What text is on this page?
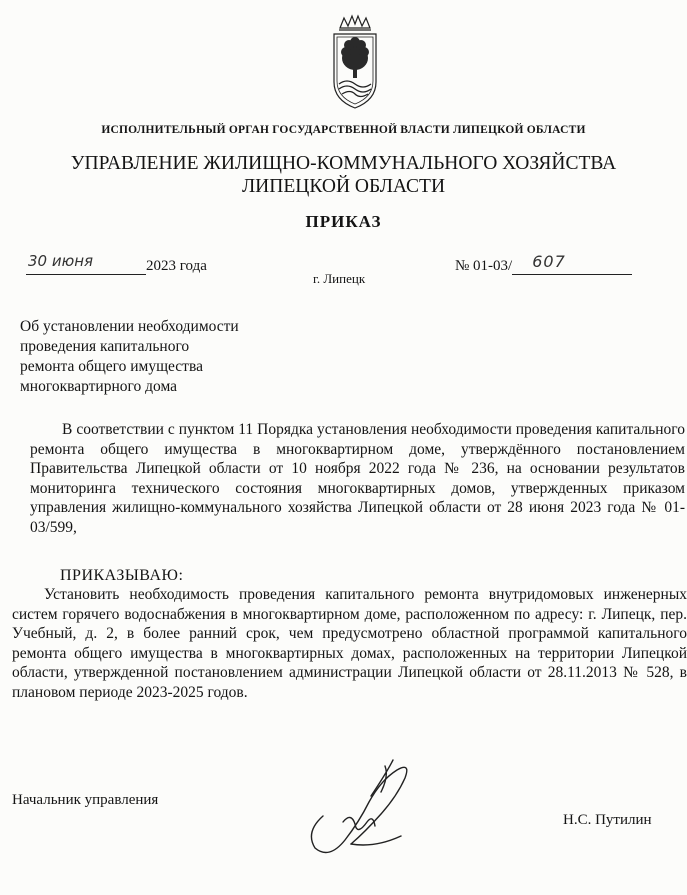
ИСПОЛНИТЕЛЬНЫЙ ОРГАН ГОСУДАРСТВЕННОЙ ВЛАСТИ ЛИПЕЦКОЙ ОБЛАСТИ
УПРАВЛЕНИЕ ЖИЛИЩНО-КОММУНАЛЬНОГО ХОЗЯЙСТВА
ЛИПЕЦКОЙ ОБЛАСТИ
ПРИКАЗ
30 июня	2023 года
г. Липецк
№ 01-03/ 607
Об установлении необходимости
проведения капитального
ремонта общего имущества
многоквартирного дома
В соответствии с пунктом 11 Порядка установления необходимости проведения капитального ремонта общего имущества в многоквартирном доме, утверждённого постановлением Правительства Липецкой области от 10 ноября 2022 года № 236, на основании результатов мониторинга технического состояния многоквартирных домов, утвержденных приказом управления жилищно-коммунального хозяйства Липецкой области от 28 июня 2023 года № 01-03/599,
ПРИКАЗЫВАЮ:
Установить необходимость проведения капитального ремонта внутридомовых инженерных систем горячего водоснабжения в многоквартирном доме, расположенном по адресу: г. Липецк, пер. Учебный, д. 2, в более ранний срок, чем предусмотрено областной программой капитального ремонта общего имущества в многоквартирных домах, расположенных на территории Липецкой области, утвержденной постановлением администрации Липецкой области от 28.11.2013 № 528, в плановом периоде 2023-2025 годов.
Начальник управления
Н.С. Путилин
